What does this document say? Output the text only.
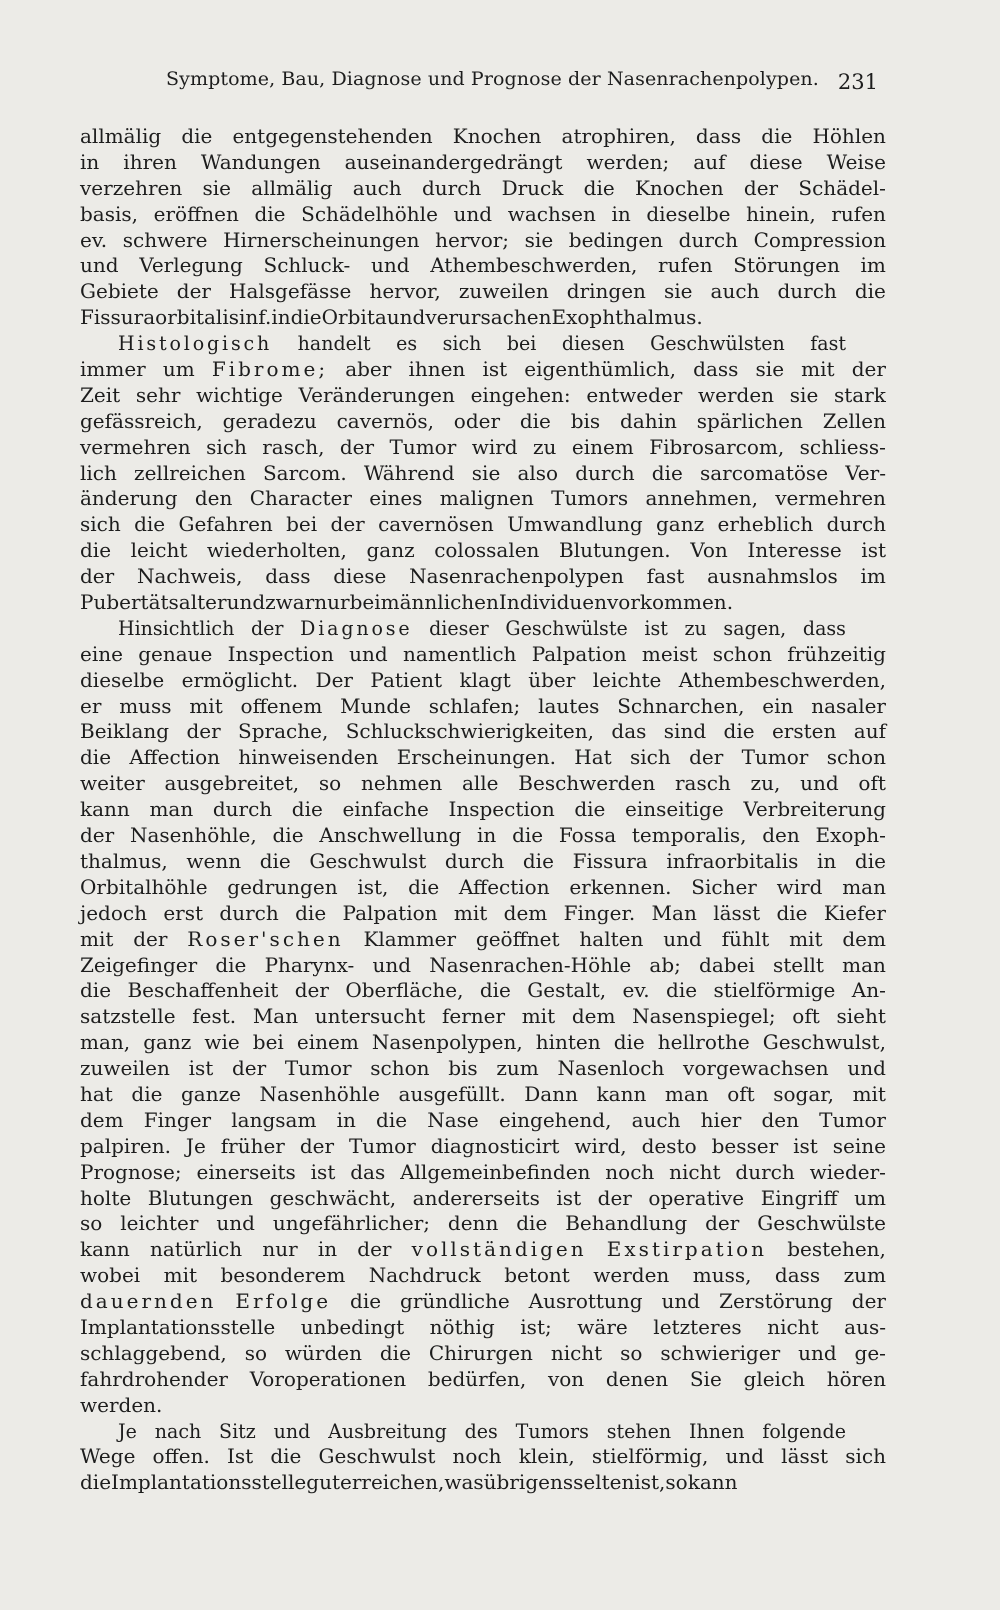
Symptome, Bau, Diagnose und Prognose der Nasenrachenpolypen. 231
allmälig die entgegenstehenden Knochen atrophiren, dass die Höhlen
in ihren Wandungen auseinandergedrängt werden; auf diese Weise
verzehren sie allmälig auch durch Druck die Knochen der Schädel-
basis, eröffnen die Schädelhöhle und wachsen in dieselbe hinein, rufen
ev. schwere Hirnerscheinungen hervor; sie bedingen durch Compression
und Verlegung Schluck- und Athembeschwerden, rufen Störungen im
Gebiete der Halsgefässe hervor, zuweilen dringen sie auch durch die
Fissura orbitalis inf. in die Orbita und verursachen Exophthalmus.
Histologisch handelt es sich bei diesen Geschwülsten fast
immer um Fibrome; aber ihnen ist eigenthümlich, dass sie mit der
Zeit sehr wichtige Veränderungen eingehen: entweder werden sie stark
gefässreich, geradezu cavernös, oder die bis dahin spärlichen Zellen
vermehren sich rasch, der Tumor wird zu einem Fibrosarcom, schliess-
lich zellreichen Sarcom. Während sie also durch die sarcomatöse Ver-
änderung den Character eines malignen Tumors annehmen, vermehren
sich die Gefahren bei der cavernösen Umwandlung ganz erheblich durch
die leicht wiederholten, ganz colossalen Blutungen. Von Interesse ist
der Nachweis, dass diese Nasenrachenpolypen fast ausnahmslos im
Pubertätsalter und zwar nur bei männlichen Individuen vorkommen.
Hinsichtlich der Diagnose dieser Geschwülste ist zu sagen, dass
eine genaue Inspection und namentlich Palpation meist schon frühzeitig
dieselbe ermöglicht. Der Patient klagt über leichte Athembeschwerden,
er muss mit offenem Munde schlafen; lautes Schnarchen, ein nasaler
Beiklang der Sprache, Schluckschwierigkeiten, das sind die ersten auf
die Affection hinweisenden Erscheinungen. Hat sich der Tumor schon
weiter ausgebreitet, so nehmen alle Beschwerden rasch zu, und oft
kann man durch die einfache Inspection die einseitige Verbreiterung
der Nasenhöhle, die Anschwellung in die Fossa temporalis, den Exoph-
thalmus, wenn die Geschwulst durch die Fissura infraorbitalis in die
Orbitalhöhle gedrungen ist, die Affection erkennen. Sicher wird man
jedoch erst durch die Palpation mit dem Finger. Man lässt die Kiefer
mit der Roser'schen Klammer geöffnet halten und fühlt mit dem
Zeigefinger die Pharynx- und Nasenrachen-Höhle ab; dabei stellt man
die Beschaffenheit der Oberfläche, die Gestalt, ev. die stielförmige An-
satzstelle fest. Man untersucht ferner mit dem Nasenspiegel; oft sieht
man, ganz wie bei einem Nasenpolypen, hinten die hellrothe Geschwulst,
zuweilen ist der Tumor schon bis zum Nasenloch vorgewachsen und
hat die ganze Nasenhöhle ausgefüllt. Dann kann man oft sogar, mit
dem Finger langsam in die Nase eingehend, auch hier den Tumor
palpiren. Je früher der Tumor diagnosticirt wird, desto besser ist seine
Prognose; einerseits ist das Allgemeinbefinden noch nicht durch wieder-
holte Blutungen geschwächt, andererseits ist der operative Eingriff um
so leichter und ungefährlicher; denn die Behandlung der Geschwülste
kann natürlich nur in der vollständigen Exstirpation bestehen,
wobei mit besonderem Nachdruck betont werden muss, dass zum
dauernden Erfolge die gründliche Ausrottung und Zerstörung der
Implantationsstelle unbedingt nöthig ist; wäre letzteres nicht aus-
schlaggebend, so würden die Chirurgen nicht so schwieriger und ge-
fahrdrohender Voroperationen bedürfen, von denen Sie gleich hören
werden.
Je nach Sitz und Ausbreitung des Tumors stehen Ihnen folgende
Wege offen. Ist die Geschwulst noch klein, stielförmig, und lässt sich
die Implantationsstelle gut erreichen, was übrigens selten ist, so kann
